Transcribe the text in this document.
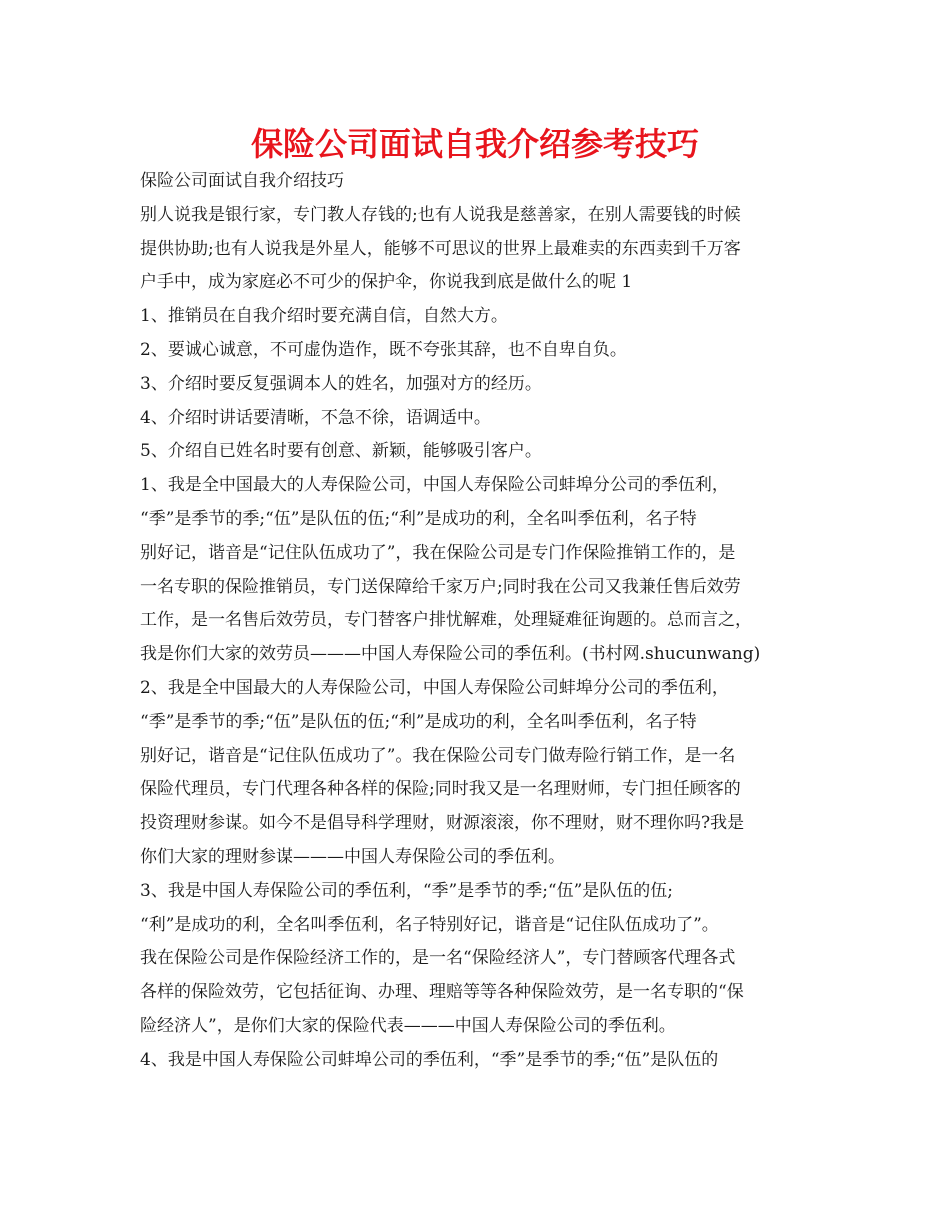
保险公司面试自我介绍参考技巧
保险公司面试自我介绍技巧
别人说我是银行家，专门教人存钱的;也有人说我是慈善家，在别人需要钱的时候
提供协助;也有人说我是外星人，能够不可思议的世界上最难卖的东西卖到千万客
户手中，成为家庭必不可少的保护伞，你说我到底是做什么的呢 1
1、推销员在自我介绍时要充满自信，自然大方。
2、要诚心诚意，不可虚伪造作，既不夸张其辞，也不自卑自负。
3、介绍时要反复强调本人的姓名，加强对方的经历。
4、介绍时讲话要清晰，不急不徐，语调适中。
5、介绍自已姓名时要有创意、新颖，能够吸引客户。
1、我是全中国最大的人寿保险公司，中国人寿保险公司蚌埠分公司的季伍利，
“季”是季节的季;“伍”是队伍的伍;“利”是成功的利，全名叫季伍利，名子特
别好记，谐音是“记住队伍成功了”，我在保险公司是专门作保险推销工作的，是
一名专职的保险推销员，专门送保障给千家万户;同时我在公司又我兼任售后效劳
工作，是一名售后效劳员，专门替客户排忧解难，处理疑难征询题的。总而言之，
我是你们大家的效劳员———中国人寿保险公司的季伍利。(书村网.shucunwang)
2、我是全中国最大的人寿保险公司，中国人寿保险公司蚌埠分公司的季伍利，
“季”是季节的季;“伍”是队伍的伍;“利”是成功的利，全名叫季伍利，名子特
别好记，谐音是“记住队伍成功了”。我在保险公司专门做寿险行销工作，是一名
保险代理员，专门代理各种各样的保险;同时我又是一名理财师，专门担任顾客的
投资理财参谋。如今不是倡导科学理财，财源滚滚，你不理财，财不理你吗?我是
你们大家的理财参谋———中国人寿保险公司的季伍利。
3、我是中国人寿保险公司的季伍利，“季”是季节的季;“伍”是队伍的伍;
“利”是成功的利，全名叫季伍利，名子特别好记，谐音是“记住队伍成功了”。
我在保险公司是作保险经济工作的，是一名“保险经济人”，专门替顾客代理各式
各样的保险效劳，它包括征询、办理、理赔等等各种保险效劳，是一名专职的“保
险经济人”，是你们大家的保险代表———中国人寿保险公司的季伍利。
4、我是中国人寿保险公司蚌埠公司的季伍利，“季”是季节的季;“伍”是队伍的
